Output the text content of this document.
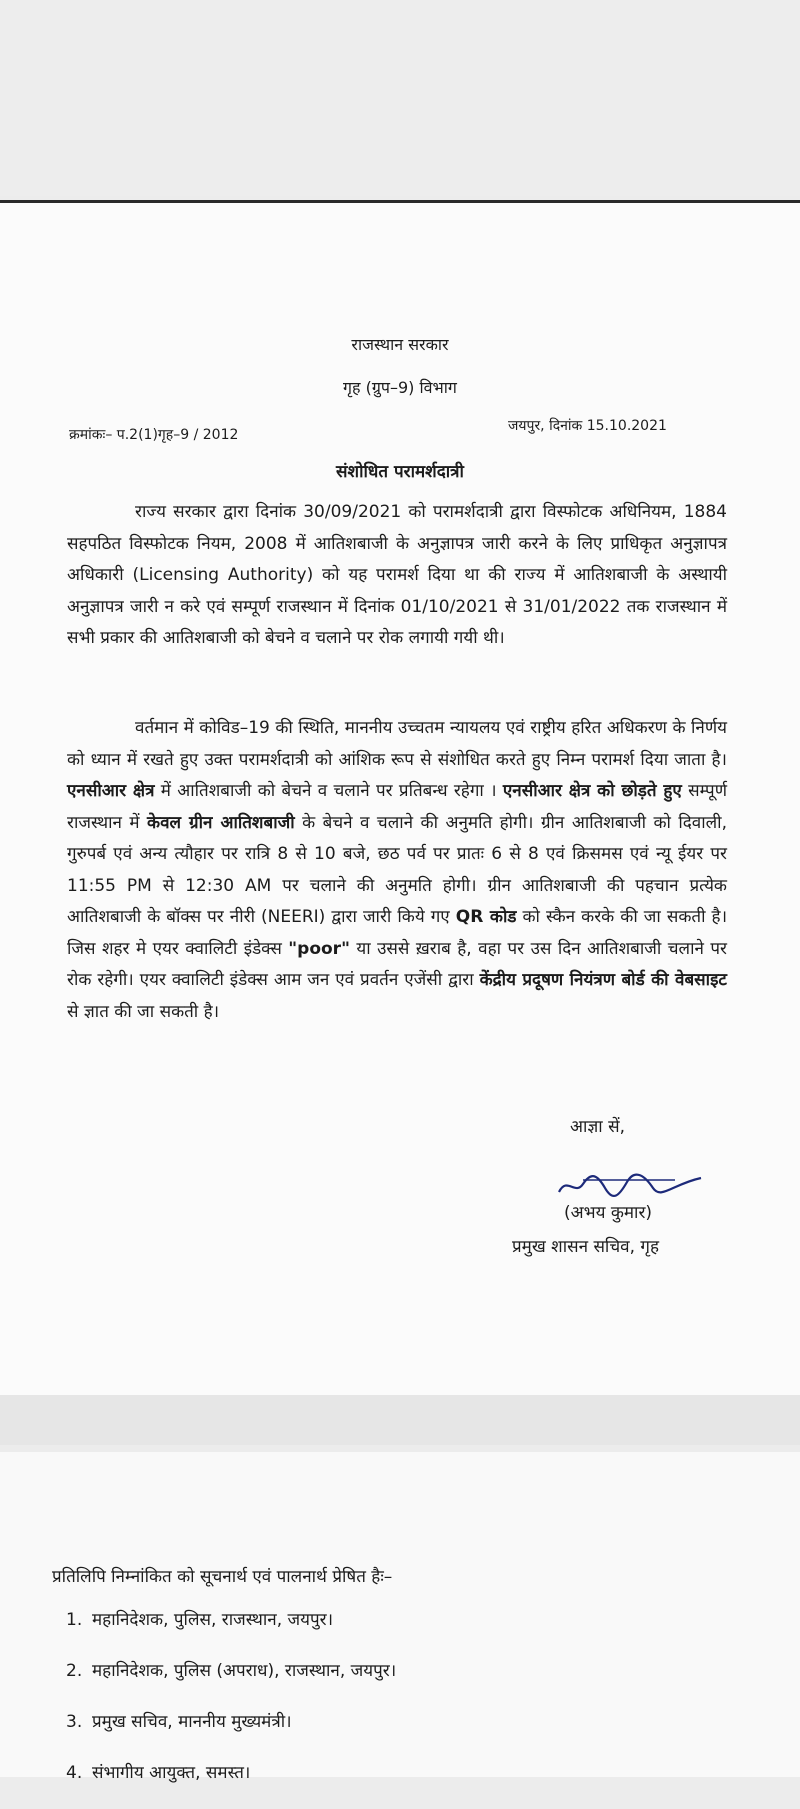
राजस्थान सरकार
गृह (ग्रुप–9) विभाग
क्रमांकः– प.2(1)गृह–9 / 2012
जयपुर, दिनांक 15.10.2021
संशोधित परामर्शदात्री

राज्य सरकार द्वारा दिनांक 30/09/2021 को परामर्शदात्री द्वारा विस्फोटक अधिनियम, 1884 सहपठित विस्फोटक नियम, 2008 में आतिशबाजी के अनुज्ञापत्र जारी करने के लिए प्राधिकृत अनुज्ञापत्र अधिकारी (Licensing Authority) को यह परामर्श दिया था की राज्य में आतिशबाजी के अस्थायी अनुज्ञापत्र जारी न करे एवं सम्पूर्ण राजस्थान में दिनांक 01/10/2021 से 31/01/2022 तक राजस्थान में सभी प्रकार की आतिशबाजी को बेचने व चलाने पर रोक लगायी गयी थी।

वर्तमान में कोविड–19 की स्थिति, माननीय उच्चतम न्यायलय एवं राष्ट्रीय हरित अधिकरण के निर्णय को ध्यान में रखते हुए उक्त परामर्शदात्री को आंशिक रूप से संशोधित करते हुए निम्न परामर्श दिया जाता है। एनसीआर क्षेत्र में आतिशबाजी को बेचने व चलाने पर प्रतिबन्ध रहेगा । एनसीआर क्षेत्र को छोड़ते हुए सम्पूर्ण राजस्थान में केवल ग्रीन आतिशबाजी के बेचने व चलाने की अनुमति होगी। ग्रीन आतिशबाजी को दिवाली, गुरुपर्ब एवं अन्य त्यौहार पर रात्रि 8 से 10 बजे, छठ पर्व पर प्रातः 6 से 8 एवं क्रिसमस एवं न्यू ईयर पर 11:55 PM से 12:30 AM पर चलाने की अनुमति होगी। ग्रीन आतिशबाजी की पहचान प्रत्येक आतिशबाजी के बॉक्स पर नीरी (NEERI) द्वारा जारी किये गए QR कोड को स्कैन करके की जा सकती है। जिस शहर मे एयर क्वालिटी इंडेक्स "poor" या उससे ख़राब है, वहा पर उस दिन आतिशबाजी चलाने पर रोक रहेगी। एयर क्वालिटी इंडेक्स आम जन एवं प्रवर्तन एजेंसी द्वारा केंद्रीय प्रदूषण नियंत्रण बोर्ड की वेबसाइट से ज्ञात की जा सकती है।

आज्ञा सें,
(अभय कुमार)
प्रमुख शासन सचिव, गृह
प्रतिलिपि निम्नांकित को सूचनार्थ एवं पालनार्थ प्रेषित हैः–
1. महानिदेशक, पुलिस, राजस्थान, जयपुर।
2. महानिदेशक, पुलिस (अपराध), राजस्थान, जयपुर।
3. प्रमुख सचिव, माननीय मुख्यमंत्री।
4. संभागीय आयुक्त, समस्त।
